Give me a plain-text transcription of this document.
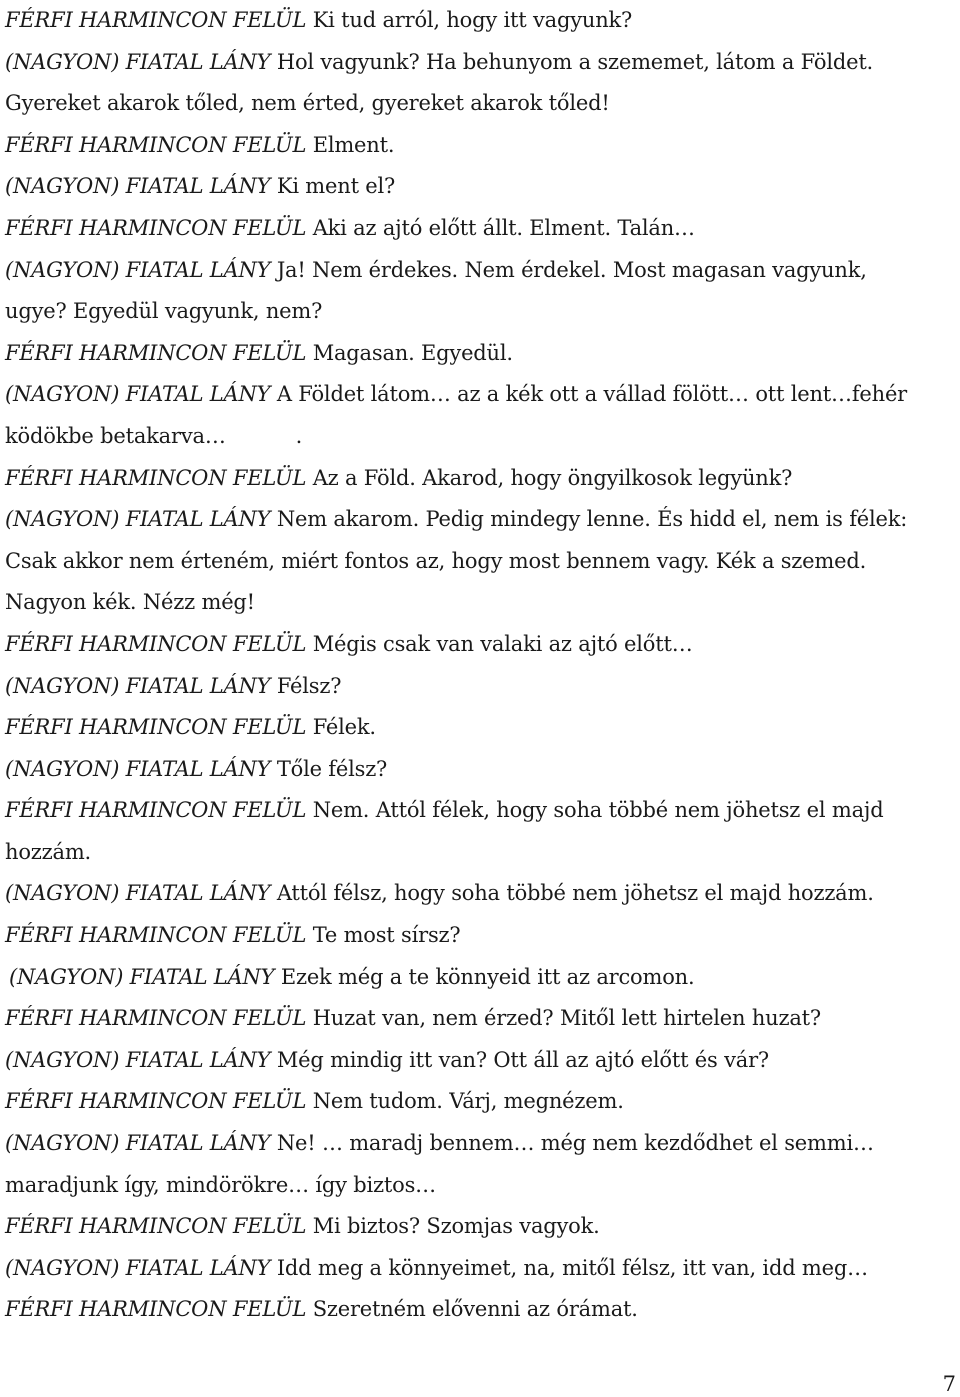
FÉRFI HARMINCON FELÜL Ki tud arról, hogy itt vagyunk?

(NAGYON) FIATAL LÁNY Hol vagyunk? Ha behunyom a szememet, látom a Földet.

Gyereket akarok tőled, nem érted, gyereket akarok tőled!

FÉRFI HARMINCON FELÜL Elment.

(NAGYON) FIATAL LÁNY Ki ment el?

FÉRFI HARMINCON FELÜL Aki az ajtó előtt állt. Elment. Talán…

(NAGYON) FIATAL LÁNY Ja! Nem érdekes. Nem érdekel. Most magasan vagyunk,

ugye? Egyedül vagyunk, nem?

FÉRFI HARMINCON FELÜL Magasan. Egyedül.

(NAGYON) FIATAL LÁNY A Földet látom… az a kék ott a vállad fölött… ott lent…fehér

ködökbe betakarva…	.

FÉRFI HARMINCON FELÜL Az a Föld. Akarod, hogy öngyilkosok legyünk?

(NAGYON) FIATAL LÁNY Nem akarom. Pedig mindegy lenne. És hidd el, nem is félek:

Csak akkor nem érteném, miért fontos az, hogy most bennem vagy. Kék a szemed.

Nagyon kék. Nézz még!

FÉRFI HARMINCON FELÜL Mégis csak van valaki az ajtó előtt…

(NAGYON) FIATAL LÁNY Félsz?

FÉRFI HARMINCON FELÜL Félek.

(NAGYON) FIATAL LÁNY Tőle félsz?

FÉRFI HARMINCON FELÜL Nem. Attól félek, hogy soha többé nem jöhetsz el majd

hozzám.

(NAGYON) FIATAL LÁNY Attól félsz, hogy soha többé nem jöhetsz el majd hozzám.

FÉRFI HARMINCON FELÜL Te most sírsz?

(NAGYON) FIATAL LÁNY Ezek még a te könnyeid itt az arcomon.

FÉRFI HARMINCON FELÜL Huzat van, nem érzed? Mitől lett hirtelen huzat?

(NAGYON) FIATAL LÁNY Még mindig itt van? Ott áll az ajtó előtt és vár?

FÉRFI HARMINCON FELÜL Nem tudom. Várj, megnézem.

(NAGYON) FIATAL LÁNY Ne! … maradj bennem… még nem kezdődhet el semmi…

maradjunk így, mindörökre… így biztos…

FÉRFI HARMINCON FELÜL Mi biztos? Szomjas vagyok.

(NAGYON) FIATAL LÁNY Idd meg a könnyeimet, na, mitől félsz, itt van, idd meg…

FÉRFI HARMINCON FELÜL Szeretném elővenni az órámat.

7
